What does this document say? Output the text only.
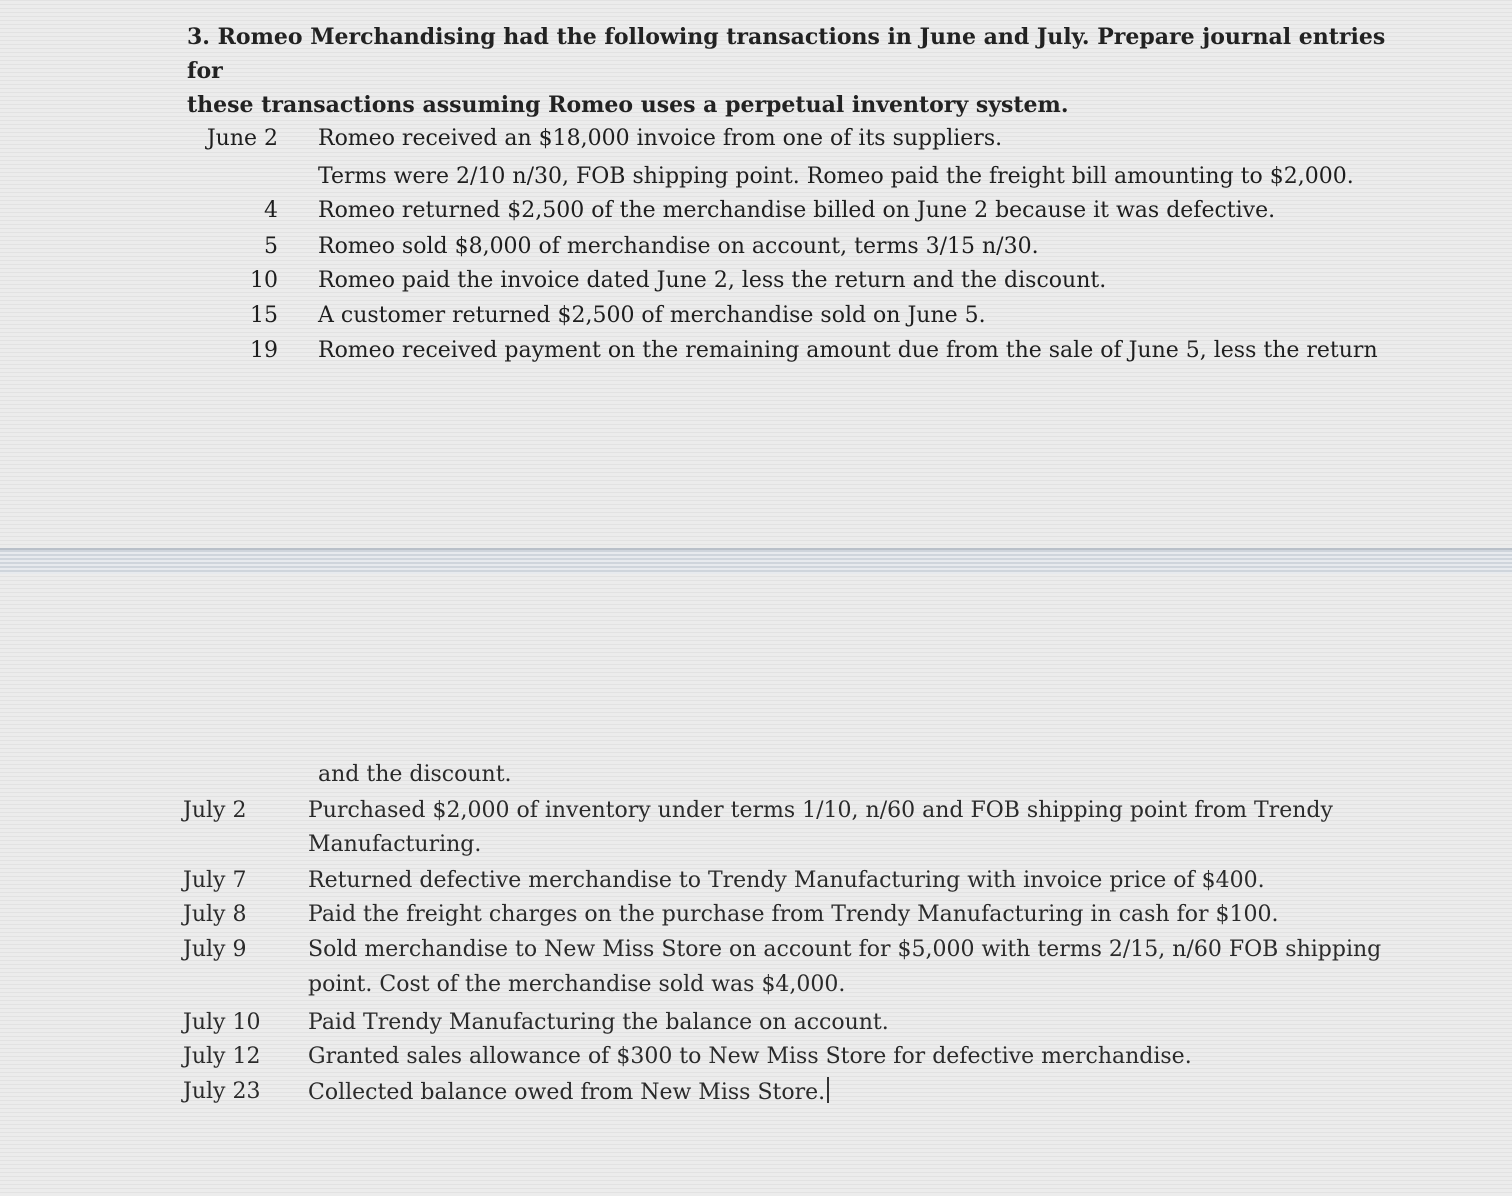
3. Romeo Merchandising had the following transactions in June and July. Prepare journal entries for
these transactions assuming Romeo uses a perpetual inventory system.
June 2 Romeo received an $18,000 invoice from one of its suppliers.
Terms were 2/10 n/30, FOB shipping point. Romeo paid the freight bill amounting to $2,000.
4 Romeo returned $2,500 of the merchandise billed on June 2 because it was defective.
5 Romeo sold $8,000 of merchandise on account, terms 3/15 n/30.
10 Romeo paid the invoice dated June 2, less the return and the discount.
15 A customer returned $2,500 of merchandise sold on June 5.
19 Romeo received payment on the remaining amount due from the sale of June 5, less the return
and the discount.
July 2	Purchased $2,000 of inventory under terms 1/10, n/60 and FOB shipping point from Trendy
Manufacturing.
July 7	Returned defective merchandise to Trendy Manufacturing with invoice price of $400.
July 8	Paid the freight charges on the purchase from Trendy Manufacturing in cash for $100.
July 9	Sold merchandise to New Miss Store on account for $5,000 with terms 2/15, n/60 FOB shipping
point. Cost of the merchandise sold was $4,000.
July 10 Paid Trendy Manufacturing the balance on account.
July 12 Granted sales allowance of $300 to New Miss Store for defective merchandise.
July 23 Collected balance owed from New Miss Store.
